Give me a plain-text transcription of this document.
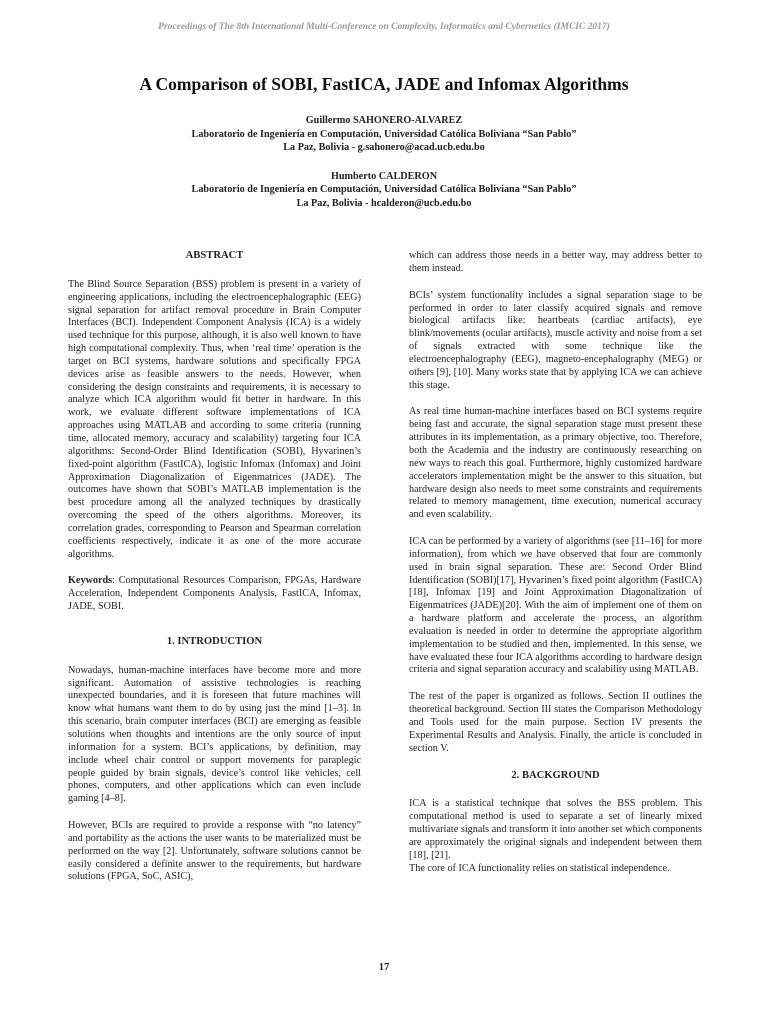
Proceedings of The 8th International Multi-Conference on Complexity, Informatics and Cybernetics (IMCIC 2017)
A Comparison of SOBI, FastICA, JADE and Infomax Algorithms
Guillermo SAHONERO-ALVAREZ
Laboratorio de Ingeniería en Computación, Universidad Católica Boliviana “San Pablo”
La Paz, Bolivia - g.sahonero@acad.ucb.edu.bo
Humberto CALDERON
Laboratorio de Ingeniería en Computación, Universidad Católica Boliviana “San Pablo”
La Paz, Bolivia - hcalderon@ucb.edu.bo
ABSTRACT

The Blind Source Separation (BSS) problem is present in a variety of engineering applications, including the electroencephalographic (EEG) signal separation for artifact removal procedure in Brain Computer Interfaces (BCI). Independent Component Analysis (ICA) is a widely used technique for this purpose, although, it is also well known to have high computational complexity. Thus, when ‘real time’ operation is the target on BCI systems, hardware solutions and specifically FPGA devices arise as feasible answers to the needs. However, when considering the design constraints and requirements, it is necessary to analyze which ICA algorithm would fit better in hardware. In this work, we evaluate different software implementations of ICA approaches using MATLAB and according to some criteria (running time, allocated memory, accuracy and scalability) targeting four ICA algorithms: Second-Order Blind Identification (SOBI), Hyvarinen’s fixed-point algorithm (FastICA), logistic Infomax (Infomax) and Joint Approximation Diagonalization of Eigenmatrices (JADE). The outcomes have shown that SOBI’s MATLAB implementation is the best procedure among all the analyzed techniques by drastically overcoming the speed of the others algorithms. Moreover, its correlation grades, corresponding to Pearson and Spearman correlation coefficients respectively, indicate it as one of the more accurate algorithms.

Keywords: Computational Resources Comparison, FPGAs, Hardware Acceleration, Independent Components Analysis, FastICA, Infomax, JADE, SOBI.

1. INTRODUCTION

Nowadays, human-machine interfaces have become more and more significant. Automation of assistive technologies is reaching unexpected boundaries, and it is foreseen that future machines will know what humans want them to do by using just the mind [1–3]. In this scenario, brain computer interfaces (BCI) are emerging as feasible solutions when thoughts and intentions are the only source of input information for a system. BCI’s applications, by definition, may include wheel chair control or support movements for paraplegic people guided by brain signals, device’s control like vehicles, cell phones, computers, and other applications which can even include gaming [4–8].

However, BCIs are required to provide a response with “no latency” and portability as the actions the user wants to be materialized must be performed on the way [2]. Unfortunately, software solutions cannot be easily considered a definite answer to the requirements, but hardware solutions (FPGA, SoC, ASIC),

which can address those needs in a better way, may address better to them instead.

BCIs’ system functionality includes a signal separation stage to be performed in order to later classify acquired signals and remove biological artifacts like: heartbeats (cardiac artifacts), eye blink/movements (ocular artifacts), muscle activity and noise from a set of signals extracted with some technique like the electroencephalography (EEG), magneto-encephalography (MEG) or others [9], [10]. Many works state that by applying ICA we can achieve this stage.

As real time human-machine interfaces based on BCI systems require being fast and accurate, the signal separation stage must present these attributes in its implementation, as a primary objective, too. Therefore, both the Academia and the industry are continuously researching on new ways to reach this goal. Furthermore, highly customized hardware accelerators implementation might be the answer to this situation, but hardware design also needs to meet some constraints and requirements related to memory management, time execution, numerical accuracy and even scalability.

ICA can be performed by a variety of algorithms (see [11–16] for more information), from which we have observed that four are commonly used in brain signal separation. These are: Second Order Blind Identification (SOBI)[17], Hyvarinen’s fixed point algorithm (FastICA)[18], Infomax [19] and Joint Approximation Diagonalization of Eigenmatrices (JADE)[20]. With the aim of implement one of them on a hardware platform and accelerate the process, an algorithm evaluation is needed in order to determine the appropriate algorithm implementation to be studied and then, implemented. In this sense, we have evaluated these four ICA algorithms according to hardware design criteria and signal separation accuracy and scalability using MATLAB.

The rest of the paper is organized as follows. Section II outlines the theoretical background. Section III states the Comparison Methodology and Tools used for the main purpose. Section IV presents the Experimental Results and Analysis. Finally, the article is concluded in section V.

2. BACKGROUND

ICA is a statistical technique that solves the BSS problem. This computational method is used to separate a set of linearly mixed multivariate signals and transform it into another set which components are approximately the original signals and independent between them [18], [21].

The core of ICA functionality relies on statistical independence.

17
